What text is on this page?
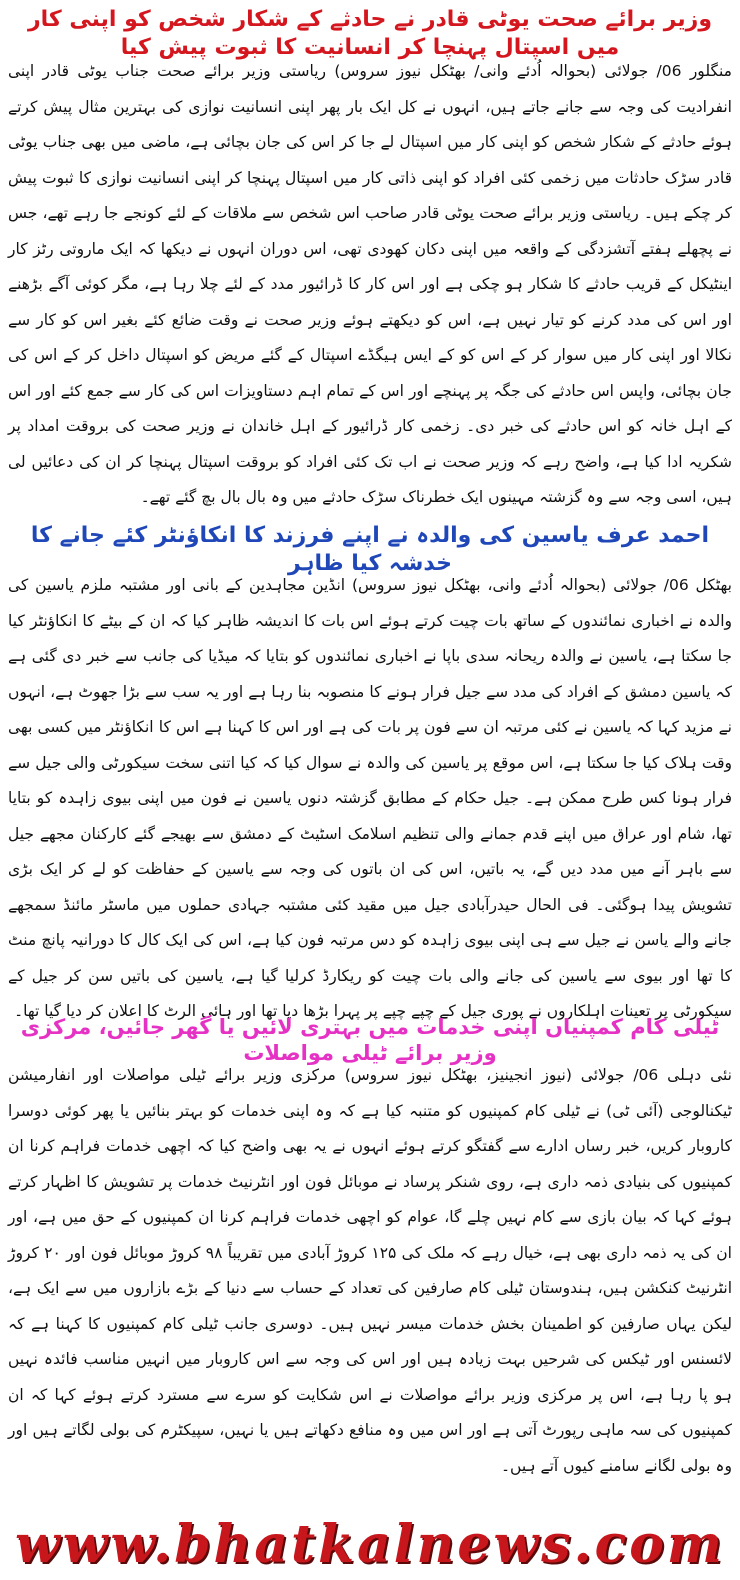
وزیر برائے صحت یوٹی قادر نے حادثے کے شکار شخص کو اپنی کار میں اسپتال پہنچا کر انسانیت کا ثبوت پیش کیا

منگلور 06/ جولائی (بحوالہ اُدئے وانی/ بھٹکل نیوز سروس) ریاستی وزیر برائے صحت جناب یوٹی قادر اپنی انفرادیت کی وجہ سے جانے جاتے ہیں، انہوں نے کل ایک بار پھر اپنی انسانیت نوازی کی بہترین مثال پیش کرتے ہوئے حادثے کے شکار شخص کو اپنی کار میں اسپتال لے جا کر اس کی جان بچائی ہے، ماضی میں بھی جناب یوٹی قادر سڑک حادثات میں زخمی کئی افراد کو اپنی ذاتی کار میں اسپتال پہنچا کر اپنی انسانیت نوازی کا ثبوت پیش کر چکے ہیں۔ ریاستی وزیر برائے صحت یوٹی قادر صاحب اس شخص سے ملاقات کے لئے کونجے جا رہے تھے، جس نے پچھلے ہفتے آتشزدگی کے واقعہ میں اپنی دکان کھودی تھی، اس دوران انہوں نے دیکھا کہ ایک ماروتی رٹز کار اینٹیکل کے قریب حادثے کا شکار ہو چکی ہے اور اس کار کا ڈرائیور مدد کے لئے چلا رہا ہے، مگر کوئی آگے بڑھنے اور اس کی مدد کرنے کو تیار نہیں ہے، اس کو دیکھتے ہوئے وزیر صحت نے وقت ضائع کئے بغیر اس کو کار سے نکالا اور اپنی کار میں سوار کر کے اس کو کے ایس ہیگڈے اسپتال کے گئے مریض کو اسپتال داخل کر کے اس کی جان بچائی، واپس اس حادثے کی جگہ پر پہنچے اور اس کے تمام اہم دستاویزات اس کی کار سے جمع کئے اور اس کے اہل خانہ کو اس حادثے کی خبر دی۔ زخمی کار ڈرائیور کے اہل خاندان نے وزیر صحت کی بروقت امداد پر شکریہ ادا کیا ہے، واضح رہے کہ وزیر صحت نے اب تک کئی افراد کو بروقت اسپتال پہنچا کر ان کی دعائیں لی ہیں، اسی وجہ سے وہ گزشتہ مہینوں ایک خطرناک سڑک حادثے میں وہ بال بال بچ گئے تھے۔

احمد عرف یاسین کی والدہ نے اپنے فرزند کا انکاؤنٹر کئے جانے کا خدشہ کیا ظاہر

بھٹکل 06/ جولائی (بحوالہ اُدئے وانی، بھٹکل نیوز سروس) انڈین مجاہدین کے بانی اور مشتبہ ملزم یاسین کی والدہ نے اخباری نمائندوں کے ساتھ بات چیت کرتے ہوئے اس بات کا اندیشہ ظاہر کیا کہ ان کے بیٹے کا انکاؤنٹر کیا جا سکتا ہے، یاسین نے والدہ ریحانہ سدی باپا نے اخباری نمائندوں کو بتایا کہ میڈیا کی جانب سے خبر دی گئی ہے کہ یاسین دمشق کے افراد کی مدد سے جیل فرار ہونے کا منصوبہ بنا رہا ہے اور یہ سب سے بڑا جھوٹ ہے، انہوں نے مزید کہا کہ یاسین نے کئی مرتبہ ان سے فون پر بات کی ہے اور اس کا کہنا ہے اس کا انکاؤنٹر میں کسی بھی وقت ہلاک کیا جا سکتا ہے، اس موقع پر یاسین کی والدہ نے سوال کیا کہ کیا اتنی سخت سیکورٹی والی جیل سے فرار ہونا کس طرح ممکن ہے۔ جیل حکام کے مطابق گزشتہ دنوں یاسین نے فون میں اپنی بیوی زاہدہ کو بتایا تھا، شام اور عراق میں اپنے قدم جمانے والی تنظیم اسلامک اسٹیٹ کے دمشق سے بھیجے گئے کارکنان مجھے جیل سے باہر آنے میں مدد دیں گے، یہ باتیں، اس کی ان باتوں کی وجہ سے یاسین کے حفاظت کو لے کر ایک بڑی تشویش پیدا ہوگئی۔ فی الحال حیدرآبادی جیل میں مقید کئی مشتبہ جہادی حملوں میں ماسٹر مائنڈ سمجھے جانے والے یاسن نے جیل سے ہی اپنی بیوی زاہدہ کو دس مرتبہ فون کیا ہے، اس کی ایک کال کا دورانیہ پانچ منٹ کا تھا اور بیوی سے یاسین کی جانے والی بات چیت کو ریکارڈ کرلیا گیا ہے، یاسین کی باتیں سن کر جیل کے سیکورٹی پر تعینات اہلکاروں نے پوری جیل کے چپے چپے پر پہرا بڑھا دیا تھا اور ہائی الرٹ کا اعلان کر دیا گیا تھا۔

ٹیلی کام کمپنیاں اپنی خدمات میں بہتری لائیں یا گھر جائیں، مرکزی وزیر برائے ٹیلی مواصلات

نئی دہلی 06/ جولائی (نیوز انجینیز، بھٹکل نیوز سروس) مرکزی وزیر برائے ٹیلی مواصلات اور انفارمیشن ٹیکنالوجی (آئی ٹی) نے ٹیلی کام کمپنیوں کو متنبہ کیا ہے کہ وہ اپنی خدمات کو بہتر بنائیں یا پھر کوئی دوسرا کاروبار کریں، خبر رساں ادارے سے گفتگو کرتے ہوئے انہوں نے یہ بھی واضح کیا کہ اچھی خدمات فراہم کرنا ان کمپنیوں کی بنیادی ذمہ داری ہے، روی شنکر پرساد نے موبائل فون اور انٹرنیٹ خدمات پر تشویش کا اظہار کرتے ہوئے کہا کہ بیان بازی سے کام نہیں چلے گا، عوام کو اچھی خدمات فراہم کرنا ان کمپنیوں کے حق میں ہے، اور ان کی یہ ذمہ داری بھی ہے، خیال رہے کہ ملک کی ۱۲۵ کروڑ آبادی میں تقریباً ۹۸ کروڑ موبائل فون اور ۲۰ کروڑ انٹرنیٹ کنکشن ہیں، ہندوستان ٹیلی کام صارفین کی تعداد کے حساب سے دنیا کے بڑے بازاروں میں سے ایک ہے، لیکن یہاں صارفین کو اطمینان بخش خدمات میسر نہیں ہیں۔ دوسری جانب ٹیلی کام کمپنیوں کا کہنا ہے کہ لائسنس اور ٹیکس کی شرحیں بہت زیادہ ہیں اور اس کی وجہ سے اس کاروبار میں انہیں مناسب فائدہ نہیں ہو پا رہا ہے، اس پر مرکزی وزیر برائے مواصلات نے اس شکایت کو سرے سے مسترد کرتے ہوئے کہا کہ ان کمپنیوں کی سہ ماہی رپورٹ آتی ہے اور اس میں وہ منافع دکھاتے ہیں یا نہیں، سپیکٹرم کی بولی لگاتے ہیں اور وہ بولی لگانے سامنے کیوں آتے ہیں۔

www.bhatkalnews.com
